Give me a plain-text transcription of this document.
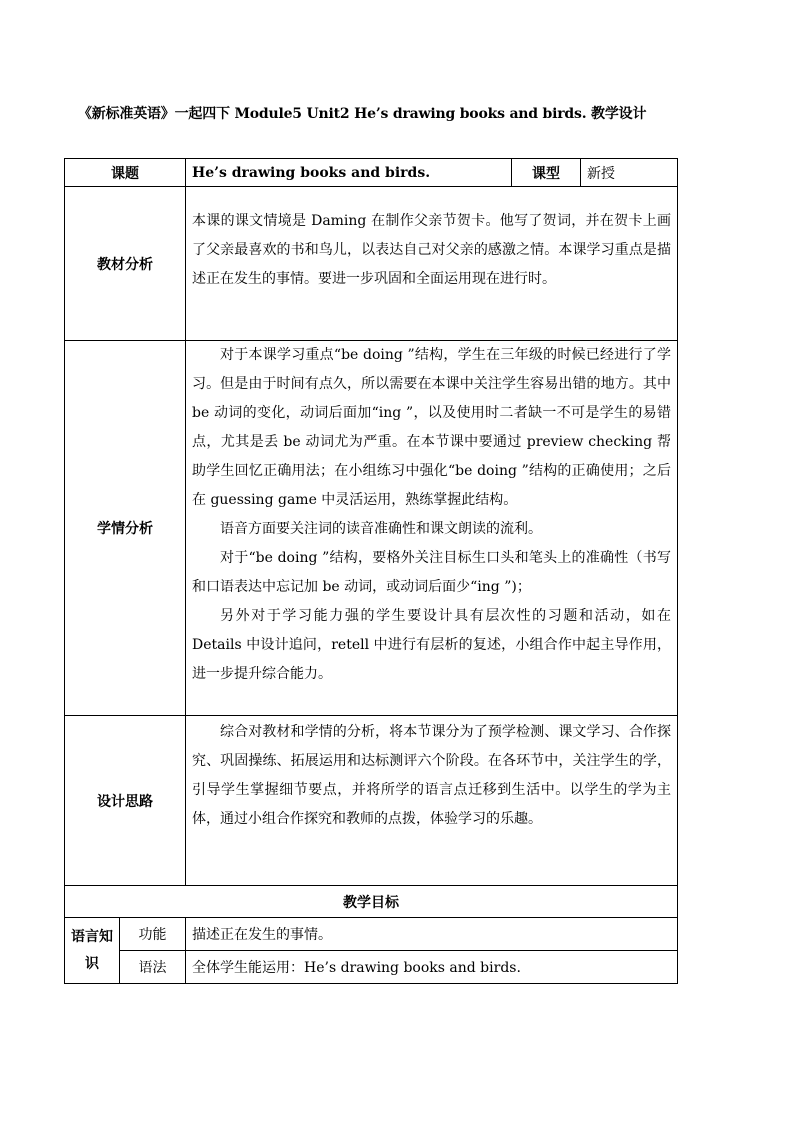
《新标准英语》一起四下 Module5 Unit2 He’s drawing books and birds. 教学设计
课题		He’s drawing books and birds.	课型	新授
教材分析		本课的课文情境是 Daming 在制作父亲节贺卡。他写了贺词，并在贺卡上画了父亲最喜欢的书和鸟儿，以表达自己对父亲的感激之情。本课学习重点是描述正在发生的事情。要进一步巩固和全面运用现在进行时。		

学情分析		对于本课学习重点“be doing ”结构，学生在三年级的时候已经进行了学习。但是由于时间有点久，所以需要在本课中关注学生容易出错的地方。其中 be 动词的变化，动词后面加“ing ”，以及使用时二者缺一不可是学生的易错点，尤其是丢 be 动词尤为严重。在本节课中要通过 preview checking 帮助学生回忆正确用法；在小组练习中强化“be doing ”结构的正确使用；之后在 guessing game 中灵活运用，熟练掌握此结构。

语音方面要关注词的读音准确性和课文朗读的流利。

对于“be doing ”结构，要格外关注目标生口头和笔头上的准确性（书写和口语表达中忘记加 be 动词，或动词后面少“ing ”)；

另外对于学习能力强的学生要设计具有层次性的习题和活动，如在 Details 中设计追问，retell 中进行有层析的复述，小组合作中起主导作用，进一步提升综合能力。		

设计思路		综合对教材和学情的分析，将本节课分为了预学检测、课文学习、合作探究、巩固操练、拓展运用和达标测评六个阶段。在各环节中，关注学生的学，引导学生掌握细节要点，并将所学的语言点迁移到生活中。以学生的学为主体，通过小组合作探究和教师的点拨，体验学习的乐趣。		

教学目标				
语言知识	功能	描述正在发生的事情。		
	语法	全体学生能运用：He’s drawing books and birds.		
